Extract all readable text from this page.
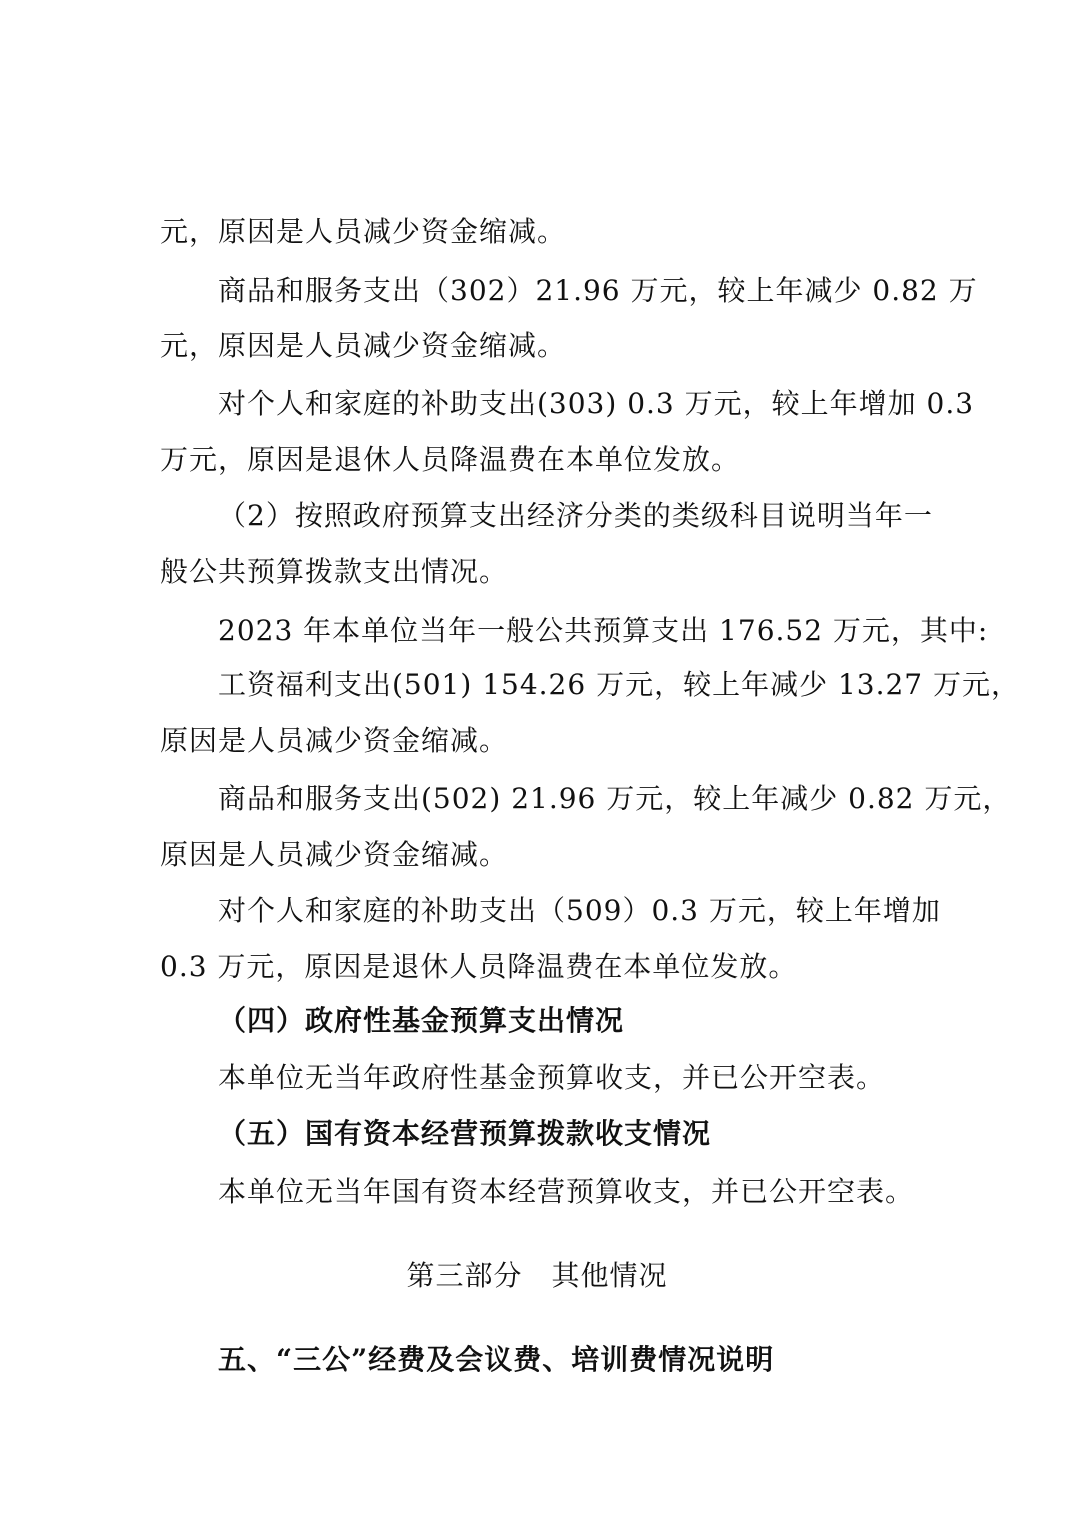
元，原因是人员减少资金缩减。

商品和服务支出（302）21.96 万元，较上年减少 0.82 万

元，原因是人员减少资金缩减。

对个人和家庭的补助支出(303) 0.3 万元，较上年增加 0.3

万元，原因是退休人员降温费在本单位发放。

（2）按照政府预算支出经济分类的类级科目说明当年一

般公共预算拨款支出情况。

2023 年本单位当年一般公共预算支出 176.52 万元，其中:

工资福利支出(501) 154.26 万元，较上年减少 13.27 万元，

原因是人员减少资金缩减。

商品和服务支出(502) 21.96 万元，较上年减少 0.82 万元，

原因是人员减少资金缩减。

对个人和家庭的补助支出（509）0.3 万元，较上年增加

0.3 万元，原因是退休人员降温费在本单位发放。

（四）政府性基金预算支出情况

本单位无当年政府性基金预算收支，并已公开空表。

（五）国有资本经营预算拨款收支情况

本单位无当年国有资本经营预算收支，并已公开空表。

第三部分　其他情况

五、“三公”经费及会议费、培训费情况说明
